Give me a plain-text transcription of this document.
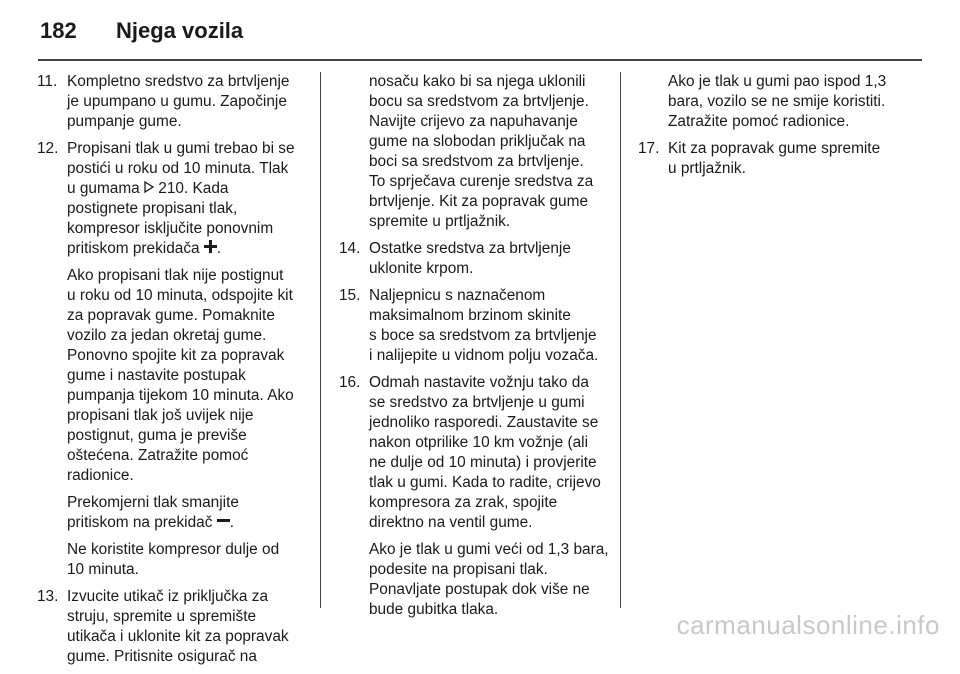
182 Njega vozila
11. Kompletno sredstvo za brtvljenje
je upumpano u gumu. Započinje
pumpanje gume.
12. Propisani tlak u gumi trebao bi se
postići u roku od 10 minuta. Tlak
u gumama  210. Kada
postignete propisani tlak,
kompresor isključite ponovnim
pritiskom prekidača .
Ako propisani tlak nije postignut
u roku od 10 minuta, odspojite kit
za popravak gume. Pomaknite
vozilo za jedan okretaj gume.
Ponovno spojite kit za popravak
gume i nastavite postupak
pumpanja tijekom 10 minuta. Ako
propisani tlak još uvijek nije
postignut, guma je previše
oštećena. Zatražite pomoć
radionice.
Prekomjerni tlak smanjite
pritiskom na prekidač .
Ne koristite kompresor dulje od
10 minuta.
13. Izvucite utikač iz priključka za
struju, spremite u spremište
utikača i uklonite kit za popravak
gume. Pritisnite osigurač na
nosaču kako bi sa njega uklonili
bocu sa sredstvom za brtvljenje.
Navijte crijevo za napuhavanje
gume na slobodan priključak na
boci sa sredstvom za brtvljenje.
To sprječava curenje sredstva za
brtvljenje. Kit za popravak gume
spremite u prtljažnik.
14. Ostatke sredstva za brtvljenje
uklonite krpom.
15. Naljepnicu s naznačenom
maksimalnom brzinom skinite
s boce sa sredstvom za brtvljenje
i nalijepite u vidnom polju vozača.
16. Odmah nastavite vožnju tako da
se sredstvo za brtvljenje u gumi
jednoliko rasporedi. Zaustavite se
nakon otprilike 10 km vožnje (ali
ne dulje od 10 minuta) i provjerite
tlak u gumi. Kada to radite, crijevo
kompresora za zrak, spojite
direktno na ventil gume.
Ako je tlak u gumi veći od 1,3 bara,
podesite na propisani tlak.
Ponavljate postupak dok više ne
bude gubitka tlaka.
Ako je tlak u gumi pao ispod 1,3
bara, vozilo se ne smije koristiti.
Zatražite pomoć radionice.
17. Kit za popravak gume spremite
u prtljažnik.
carmanualsonline.info
